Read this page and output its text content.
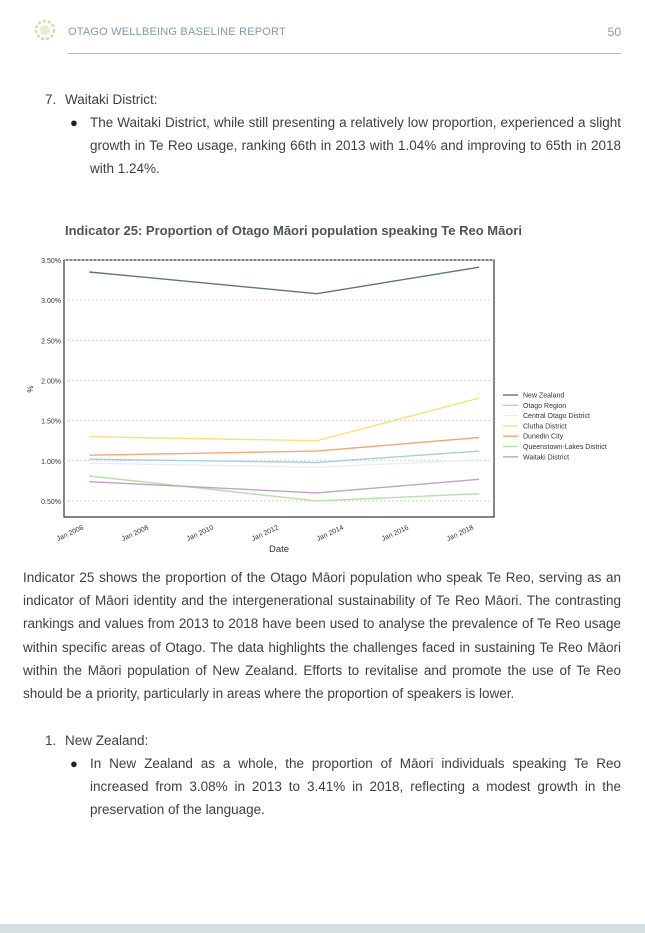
OTAGO WELLBEING BASELINE REPORT	50
7. Waitaki District:
● The Waitaki District, while still presenting a relatively low proportion, experienced a slight growth in Te Reo usage, ranking 66th in 2013 with 1.04% and improving to 65th in 2018 with 1.24%.
Indicator 25: Proportion of Otago Māori population speaking Te Reo Māori
0.50%
1.00%
1.50%
2.00%
2.50%
3.00%
3.50%
Jan 2006	Jan 2008	Jan 2010	Jan 2012	Jan 2014	Jan 2016	Jan 2018
New Zealand
Otago Region
Central Otago District
Clutha District
Dunedin City
Queenstown-Lakes District
Waitaki District
Date
%
Indicator 25 shows the proportion of the Otago Māori population who speak Te Reo, serving as an indicator of Māori identity and the intergenerational sustainability of Te Reo Māori. The contrasting rankings and values from 2013 to 2018 have been used to analyse the prevalence of Te Reo usage within specific areas of Otago. The data highlights the challenges faced in sustaining Te Reo Māori within the Māori population of New Zealand. Efforts to revitalise and promote the use of Te Reo should be a priority, particularly in areas where the proportion of speakers is lower.
1. New Zealand:
● In New Zealand as a whole, the proportion of Māori individuals speaking Te Reo increased from 3.08% in 2013 to 3.41% in 2018, reflecting a modest growth in the preservation of the language.
